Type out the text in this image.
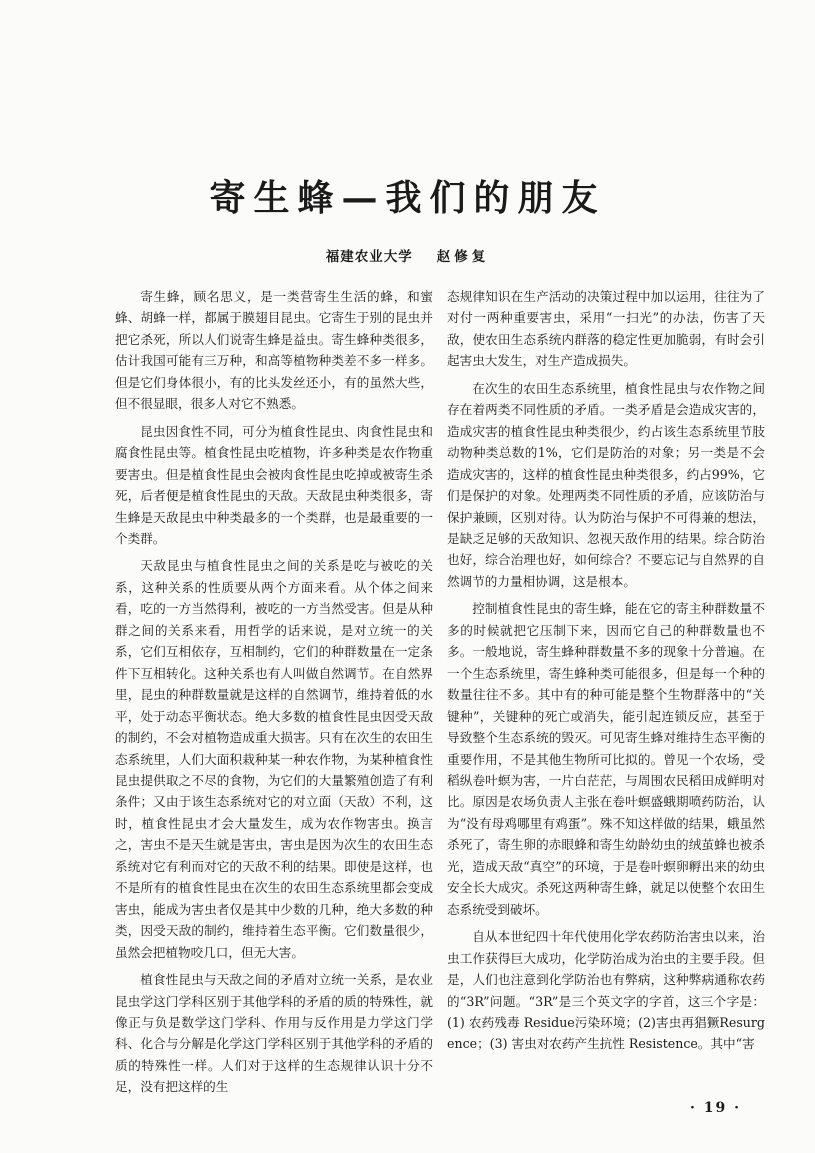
寄生蜂—我们的朋友
福建农业大学 赵修复

寄生蜂，顾名思义，是一类营寄生生活的蜂，和蜜蜂、胡蜂一样，都属于膜翅目昆虫。它寄生于别的昆虫并把它杀死，所以人们说寄生蜂是益虫。寄生蜂种类很多，估计我国可能有三万种，和高等植物种类差不多一样多。但是它们身体很小，有的比头发丝还小，有的虽然大些，但不很显眼，很多人对它不熟悉。

昆虫因食性不同，可分为植食性昆虫、肉食性昆虫和腐食性昆虫等。植食性昆虫吃植物，许多种类是农作物重要害虫。但是植食性昆虫会被肉食性昆虫吃掉或被寄生杀死，后者便是植食性昆虫的天敌。天敌昆虫种类很多，寄生蜂是天敌昆虫中种类最多的一个类群，也是最重要的一个类群。

天敌昆虫与植食性昆虫之间的关系是吃与被吃的关系，这种关系的性质要从两个方面来看。从个体之间来看，吃的一方当然得利，被吃的一方当然受害。但是从种群之间的关系来看，用哲学的话来说，是对立统一的关系，它们互相依存，互相制约，它们的种群数量在一定条件下互相转化。这种关系也有人叫做自然调节。在自然界里，昆虫的种群数量就是这样的自然调节，维持着低的水平，处于动态平衡状态。绝大多数的植食性昆虫因受天敌的制约，不会对植物造成重大损害。只有在次生的农田生态系统里，人们大面积栽种某一种农作物，为某种植食性昆虫提供取之不尽的食物，为它们的大量繁殖创造了有利条件；又由于该生态系统对它的对立面（天敌）不利，这时，植食性昆虫才会大量发生，成为农作物害虫。换言之，害虫不是天生就是害虫，害虫是因为次生的农田生态系统对它有利而对它的天敌不利的结果。即使是这样，也不是所有的植食性昆虫在次生的农田生态系统里都会变成害虫，能成为害虫者仅是其中少数的几种，绝大多数的种类，因受天敌的制约，维持着生态平衡。它们数量很少，虽然会把植物咬几口，但无大害。

植食性昆虫与天敌之间的矛盾对立统一关系，是农业昆虫学这门学科区别于其他学科的矛盾的质的特殊性，就像正与负是数学这门学科、作用与反作用是力学这门学科、化合与分解是化学这门学科区别于其他学科的矛盾的质的特殊性一样。人们对于这样的生态规律认识十分不足，没有把这样的生

态规律知识在生产活动的决策过程中加以运用，往往为了对付一两种重要害虫，采用“一扫光”的办法，伤害了天敌，使农田生态系统内群落的稳定性更加脆弱，有时会引起害虫大发生，对生产造成损失。

在次生的农田生态系统里，植食性昆虫与农作物之间存在着两类不同性质的矛盾。一类矛盾是会造成灾害的，造成灾害的植食性昆虫种类很少，约占该生态系统里节肢动物种类总数的1%，它们是防治的对象；另一类是不会造成灾害的，这样的植食性昆虫种类很多，约占99%，它们是保护的对象。处理两类不同性质的矛盾，应该防治与保护兼顾，区别对待。认为防治与保护不可得兼的想法，是缺乏足够的天敌知识、忽视天敌作用的结果。综合防治也好，综合治理也好，如何综合？不要忘记与自然界的自然调节的力量相协调，这是根本。

控制植食性昆虫的寄生蜂，能在它的寄主种群数量不多的时候就把它压制下来，因而它自己的种群数量也不多。一般地说，寄生蜂种群数量不多的现象十分普遍。在一个生态系统里，寄生蜂种类可能很多，但是每一个种的数量往往不多。其中有的种可能是整个生物群落中的“关键种”，关键种的死亡或消失，能引起连锁反应，甚至于导致整个生态系统的毁灭。可见寄生蜂对维持生态平衡的重要作用，不是其他生物所可比拟的。曾见一个农场，受稻纵卷叶螟为害，一片白茫茫，与周围农民稻田成鲜明对比。原因是农场负责人主张在卷叶螟盛蛾期喷药防治，认为“没有母鸡哪里有鸡蛋”。殊不知这样做的结果，蛾虽然杀死了，寄生卵的赤眼蜂和寄生幼龄幼虫的绒茧蜂也被杀光，造成天敌“真空”的环境，于是卷叶螟卵孵出来的幼虫安全长大成灾。杀死这两种寄生蜂，就足以使整个农田生态系统受到破坏。

自从本世纪四十年代使用化学农药防治害虫以来，治虫工作获得巨大成功，化学防治成为治虫的主要手段。但是，人们也注意到化学防治也有弊病，这种弊病通称农药的“3R”问题。“3R”是三个英文字的字首，这三个字是：(1) 农药残毒 Residue污染环境；(2)害虫再猖獗Resurgence；(3) 害虫对农药产生抗性 Resistence。其中“害

· 19 ·
